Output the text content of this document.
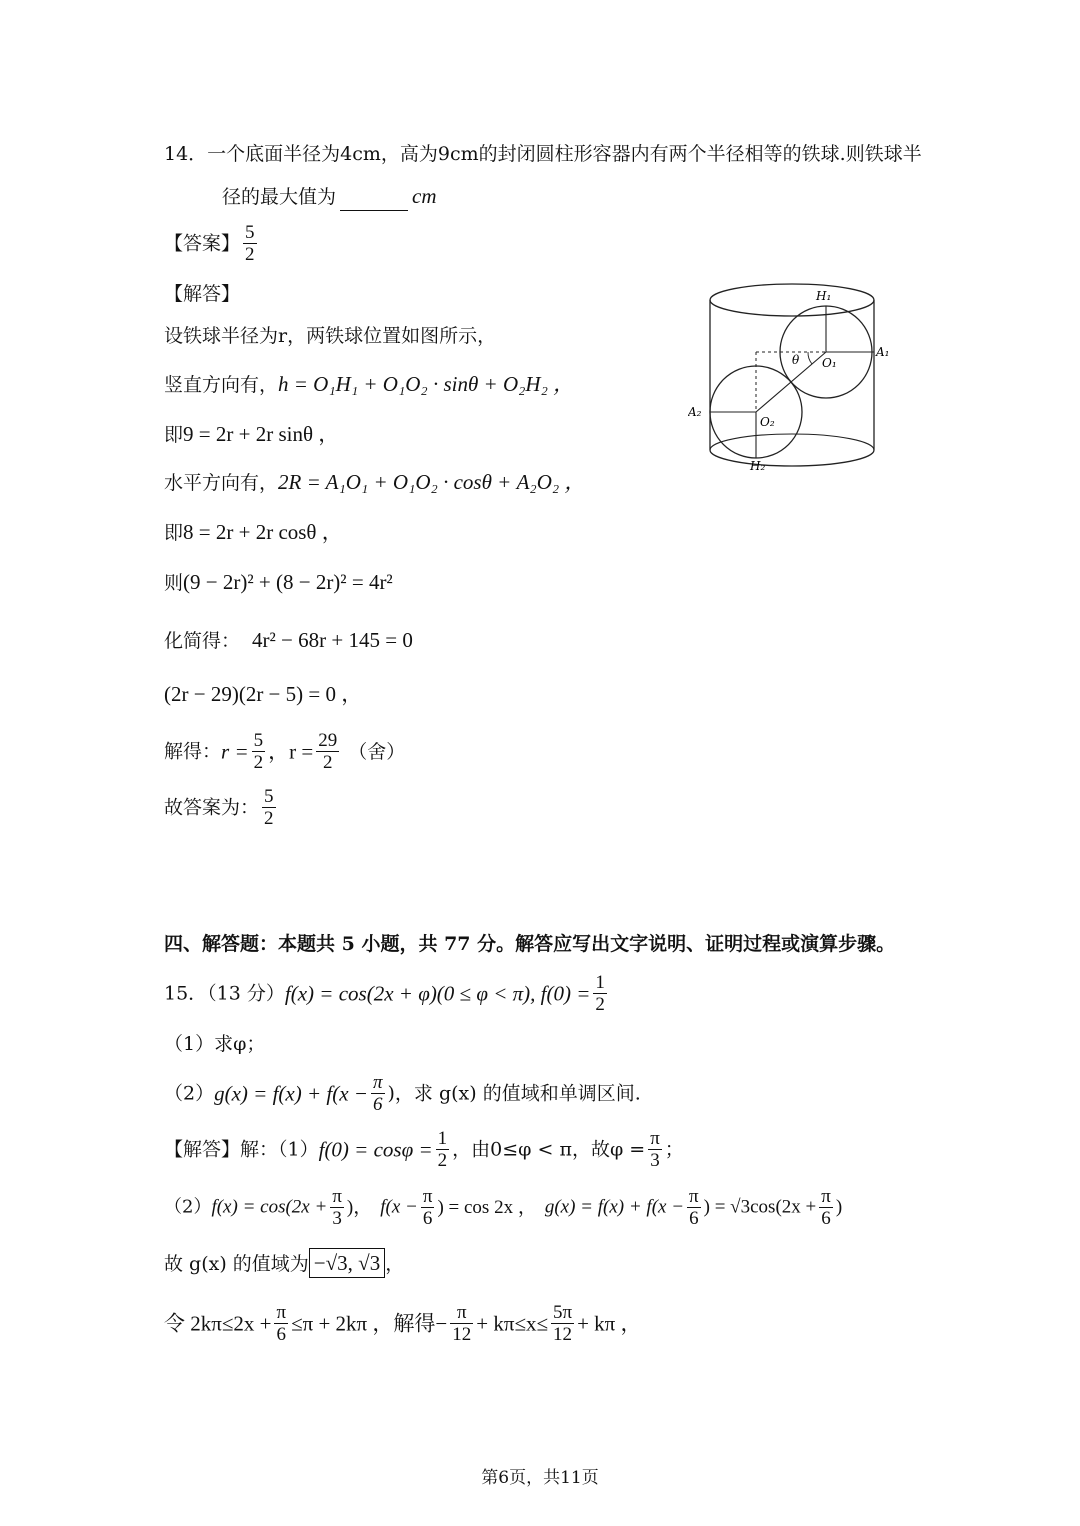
14．一个底面半径为4cm，高为9cm的封闭圆柱形容器内有两个半径相等的铁球.则铁球半
径的最大值为	cm
【答案】 $\frac{5}{2}$
【解答】
设铁球半径为r，两铁球位置如图所示，
竖直方向有，h = O₁H₁ + O₁O₂ · sinθ + O₂H₂ ，
即9 = 2r + 2r sinθ ，
水平方向有，2R = A₁O₁ + O₁O₂ · cosθ + A₂O₂ ，
即8 = 2r + 2r cosθ ，
则(9 − 2r)² + (8 − 2r)² = 4r²
化简得： 4r² − 68r + 145 = 0
(2r − 29)(2r − 5) = 0 ，
解得：$r = \frac{5}{2}$ ，$r = \frac{29}{2}$ （舍）
故答案为： $\frac{5}{2}$
H₁
A₁
O₁
θ
A₂
O₂
H₂
四、解答题：本题共 5 小题，共 77 分。解答应写出文字说明、证明过程或演算步骤。
15．（13 分）f(x) = cos(2x + φ)(0 ≤ φ < π), $f(0) = \frac{1}{2}$
（1）求φ；
$(2)g(x) = f(x) + f(x - \frac{\pi}{6}$ )，求 g(x) 的值域和单调区间.
【解答】解：$(1)f(0) = \cos\varphi = \frac{1}{2}$ ，由0≤φ < π，故$\varphi = \frac{\pi}{3}$ ；
$(2)f(x) = \cos(2x + \frac{\pi}{3}$ )， $f(x - \frac{\pi}{6}$ ) = cos 2x ， $g(x) = f(x) + f(x - \frac{\pi}{6}$ ) = $√3\cos(2x + \frac{\pi}{6}$ )
故 g(x) 的值域为 −√3, √3 ，
令 $2k\pi\le 2x + \frac{\pi}{6} \le\pi + 2k\pi$ ，解得− $\frac{\pi}{12} + k\pi\le x\le \frac{5\pi}{12} + k\pi$ ，
第6页，共11页
